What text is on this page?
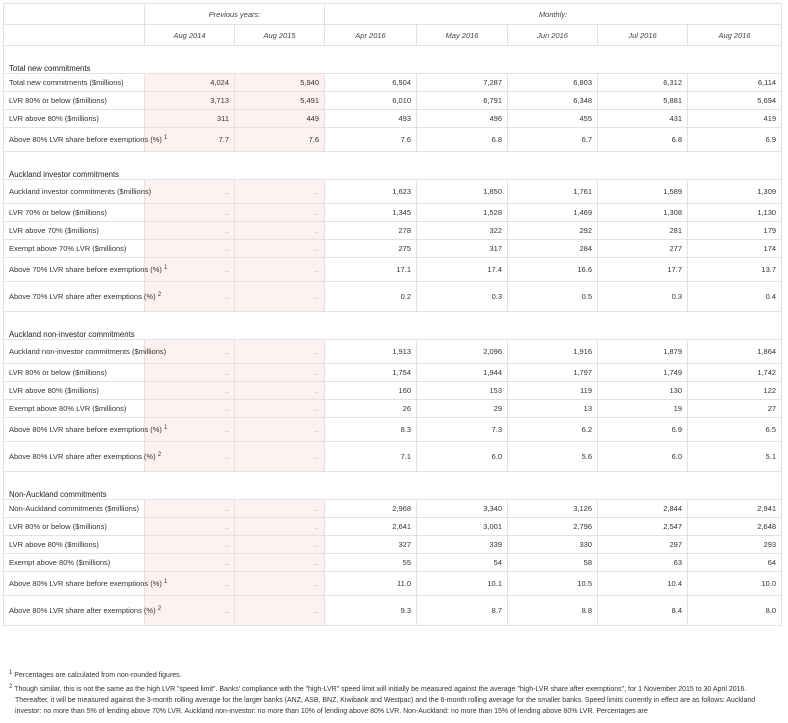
	Previous years:		Monthly:				
	Aug 2014	Aug 2015	Apr 2016	May 2016	Jun 2016	Jul 2016	Aug 2016
Total new commitments							
Total new commitments ($millions)	4,024	5,940	6,504	7,287	6,803	6,312	6,114
LVR 80% or below ($millions)	3,713	5,491	6,010	6,791	6,348	5,881	5,694
LVR above 80% ($millions)	311	449	493	496	455	431	419
Above 80% LVR share before exemptions (%) $^1$	7.7	7.6	7.6	6.8	6.7	6.8	6.9
Auckland investor commitments							
Auckland investor commitments ($millions)	..	..	1,623	1,850	1,761	1,589	1,309
LVR 70% or below ($millions)	..	..	1,345	1,528	1,469	1,308	1,130
LVR above 70% ($millions)	..	..	278	322	292	281	179
Exempt above 70% LVR ($millions)	..	..	275	317	284	277	174
Above 70% LVR share before exemptions (%) $^1$	..	..	17.1	17.4	16.6	17.7	13.7
Above 70% LVR share after exemptions (%) $^2$	..	..	0.2	0.3	0.5	0.3	0.4
Auckland non-investor commitments							
Auckland non-investor commitments ($millions)	..	..	1,913	2,096	1,916	1,879	1,864
LVR 80% or below ($millions)	..	..	1,754	1,944	1,797	1,749	1,742
LVR above 80% ($millions)	..	..	160	153	119	130	122
Exempt above 80% LVR ($millions)	..	..	26	29	13	19	27
Above 80% LVR share before exemptions (%) $^1$	..	..	8.3	7.3	6.2	6.9	6.5
Above 80% LVR share after exemptions (%) $^2$	..	..	7.1	6.0	5.6	6.0	5.1
Non-Auckland commitments							
Non-Auckland commitments ($millions)	..	..	2,968	3,340	3,126	2,844	2,941
LVR 80% or below ($millions)	..	..	2,641	3,001	2,796	2,547	2,648
LVR above 80% ($millions)	..	..	327	339	330	297	293
Exempt above 80% ($millions)	..	..	55	54	58	63	64
Above 80% LVR share before exemptions (%) $^1$	..	..	11.0	10.1	10.5	10.4	10.0
Above 80% LVR share after exemptions (%) $^2$	..	..	9.3	8.7	8.8	8.4	8.0

$^1$ Percentages are calculated from non-rounded figures.

$^2$ Though similar, this is not the same as the high LVR "speed limit". Banks' compliance with the "high-LVR" speed limit will initially be measured against the average "high-LVR share after exemptions", for 1 November 2015 to 30 April 2016. Thereafter, it will be measured against the 3-month rolling average for the larger banks (ANZ, ASB, BNZ, Kiwibank and Westpac) and the 6-month rolling average for the smaller banks. Speed limits currently in effect are as follows: Auckland investor: no more than 5% of lending above 70% LVR. Auckland non-investor: no more than 10% of lending above 80% LVR. Non-Auckland: no more than 15% of lending above 80% LVR. Percentages are
